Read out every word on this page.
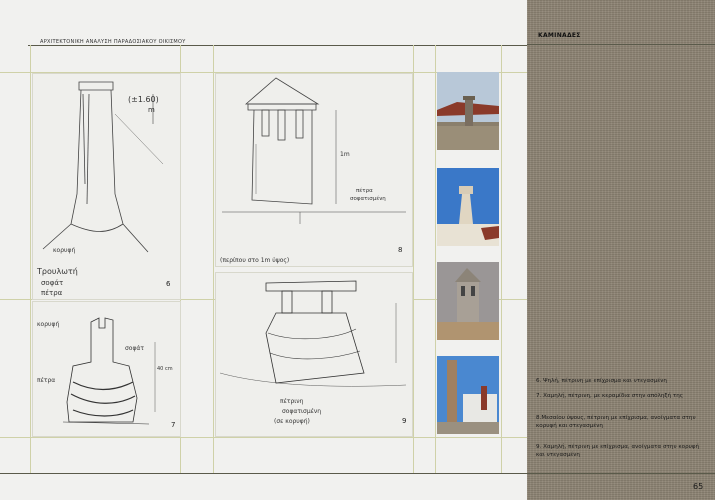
ΑΡΧΙΤΕΚΤΟΝΙΚΗ ΑΝΑΛΥΣΗ ΠΑΡΑΔΟΣΙΑΚΟΥ ΟΙΚΙΣΜΟΥ
(±1.60)
m
κορυφή
Τρουλωτή
σοφάτ
πέτρα
6
1m
πέτρα
σοφατισμένη
(περίπου στο 1m ύψος)
8
κορυφή
σοφάτ
πέτρα
40 cm
7
πέτρινη
σοφατισμένη
(σε κορυφή)	9
ΚΑΜΙΝΑΔΕΣ
6. Ψηλή, πέτρινη με επίχρισμα και ντεγασμένη
7. Χαμηλή, πέτρινη, με κεραμίδια στην απόληξή της
8.Μεσαίου ύψους, πέτρινη με επίχρισμα, ανοίγματα στην κορυφή και στεγασμένη
9. Χαμηλή, πέτρινη με επίχρισμα, ανοίγματα στην κορυφή και ντεγασμένη
65
